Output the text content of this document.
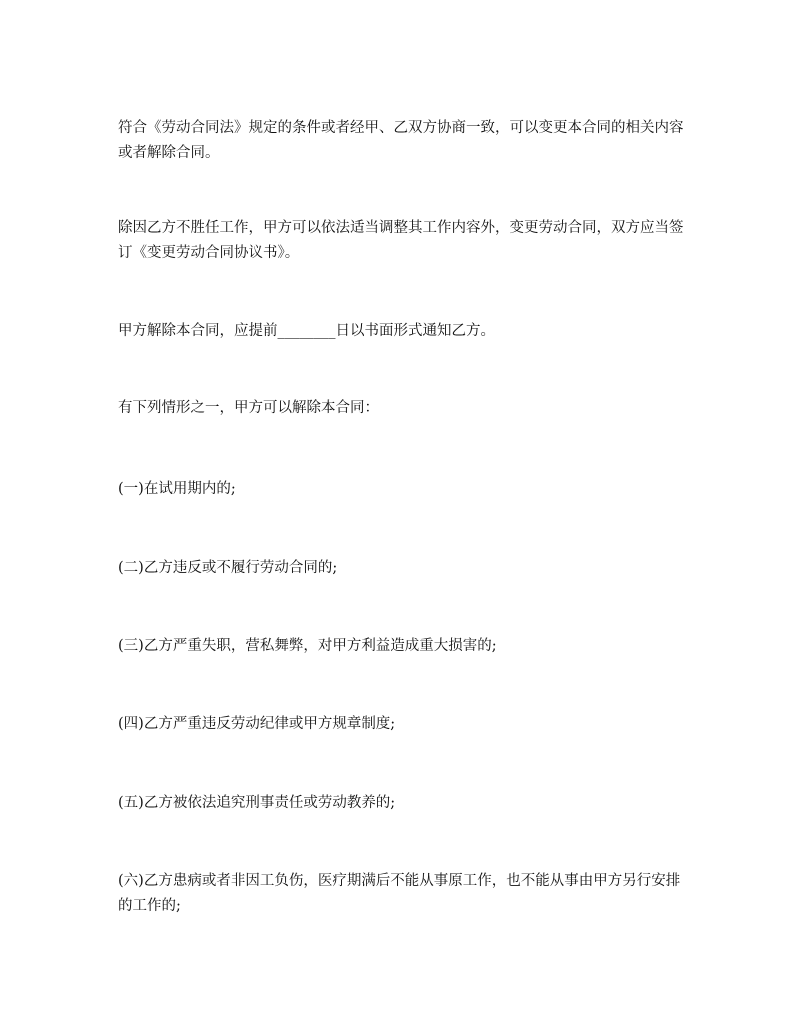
符合《劳动合同法》规定的条件或者经甲、乙双方协商一致，可以变更本合同的相关内容或者解除合同。

除因乙方不胜任工作，甲方可以依法适当调整其工作内容外，变更劳动合同，双方应当签订《变更劳动合同协议书》。

甲方解除本合同，应提前________日以书面形式通知乙方。

有下列情形之一，甲方可以解除本合同：

(一)在试用期内的;

(二)乙方违反或不履行劳动合同的;

(三)乙方严重失职，营私舞弊，对甲方利益造成重大损害的;

(四)乙方严重违反劳动纪律或甲方规章制度;

(五)乙方被依法追究刑事责任或劳动教养的;

(六)乙方患病或者非因工负伤，医疗期满后不能从事原工作，也不能从事由甲方另行安排的工作的;
